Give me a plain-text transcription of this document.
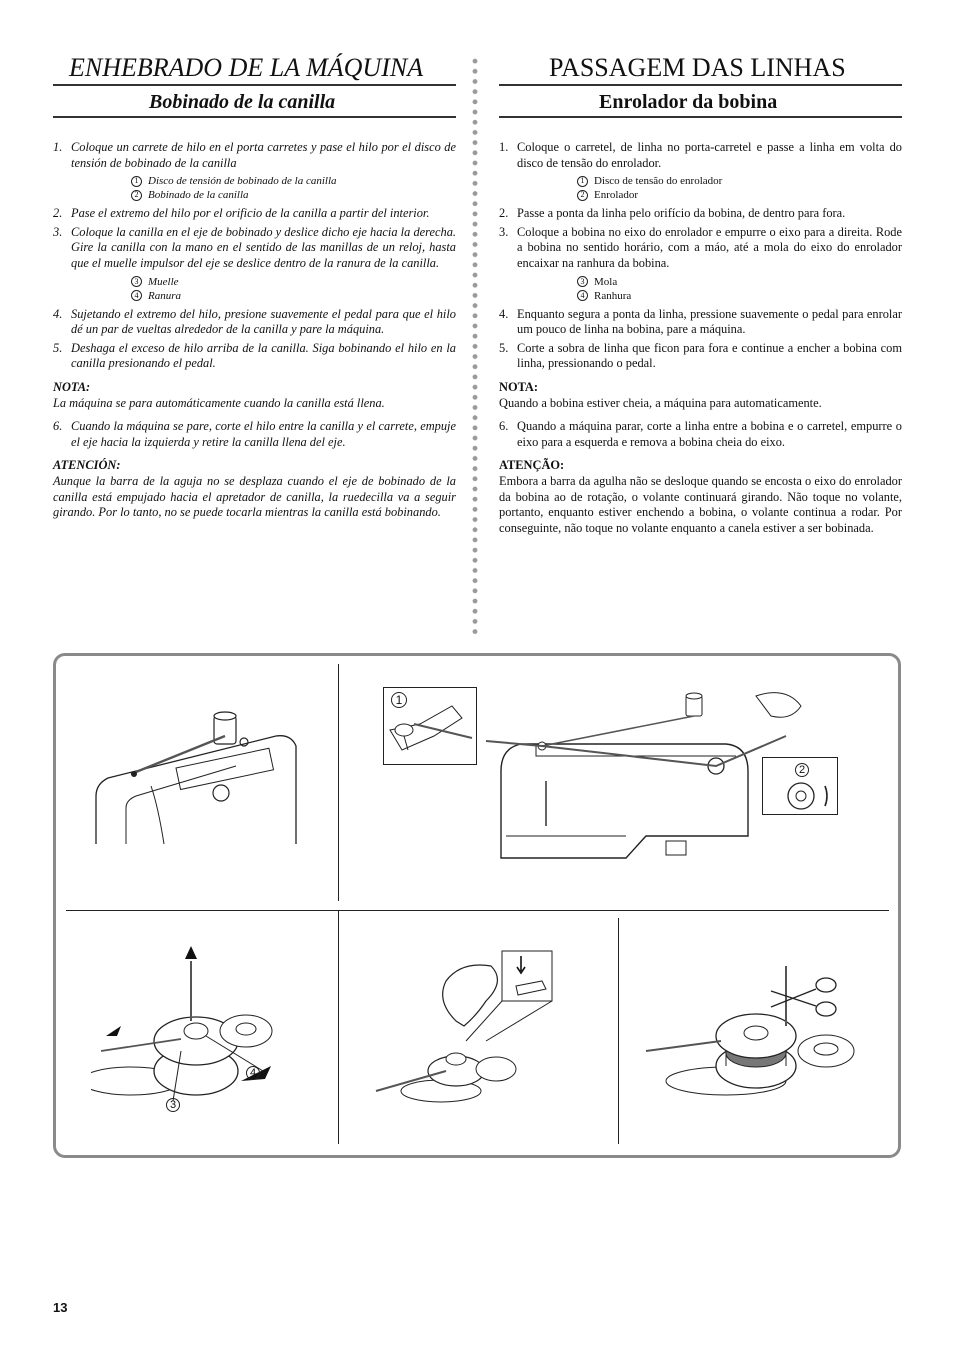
ENHEBRADO DE LA MÁQUINA
Bobinado de la canilla
1. Coloque un carrete de hilo en el porta carretes y pase el hilo por el disco de tensión de bobinado de la canilla
1 Disco de tensión de bobinado de la canilla
2 Bobinado de la canilla
2. Pase el extremo del hilo por el orificio de la canilla a partir del interior.
3. Coloque la canilla en el eje de bobinado y deslice dicho eje hacia la derecha. Gire la canilla con la mano en el sentido de las manillas de un reloj, hasta que el muelle impulsor del eje se deslice dentro de la ranura de la canilla.
3 Muelle
4 Ranura
4. Sujetando el extremo del hilo, presione suavemente el pedal para que el hilo dé un par de vueltas alrededor de la canilla y pare la máquina.
5. Deshaga el exceso de hilo arriba de la canilla. Siga bobinando el hilo en la canilla presionando el pedal.
NOTA:
La máquina se para automáticamente cuando la canilla está llena.
6. Cuando la máquina se pare, corte el hilo entre la canilla y el carrete, empuje el eje hacia la izquierda y retire la canilla llena del eje.
ATENCIÓN:
Aunque la barra de la aguja no se desplaza cuando el eje de bobinado de la canilla está empujado hacia el apretador de canilla, la ruedecilla va a seguir girando. Por lo tanto, no se puede tocarla mientras la canilla está bobinando.
PASSAGEM DAS LINHAS
Enrolador da bobina
1. Coloque o carretel, de linha no porta-carretel e passe a linha em volta do disco de tensão do enrolador.
1 Disco de tensão do enrolador
2 Enrolador
2. Passe a ponta da linha pelo orifício da bobina, de dentro para fora.
3. Coloque a bobina no eixo do enrolador e empurre o eixo para a direita. Rode a bobina no sentido horário, com a máo, até a mola do eixo do enrolador encaixar na ranhura da bobina.
3 Mola
4 Ranhura
4. Enquanto segura a ponta da linha, pressione suavemente o pedal para enrolar um pouco de linha na bobina, pare a máquina.
5. Corte a sobra de linha que ficon para fora e continue a encher a bobina com linha, pressionando o pedal.
NOTA:
Quando a bobina estiver cheia, a máquina para automaticamente.
6. Quando a máquina parar, corte a linha entre a bobina e o carretel, empurre o eixo para a esquerda e remova a bobina cheia do eixo.
ATENÇÃO:
Embora a barra da agulha não se desloque quando se encosta o eixo do enrolador da bobina ao de rotação, o volante continuará girando. Não toque no volante, portanto, enquanto estiver enchendo a bobina, o volante continua a rodar. Por conseguinte, não toque no volante enquanto a canela estiver a ser bobinada.
1
2
3
4
13
